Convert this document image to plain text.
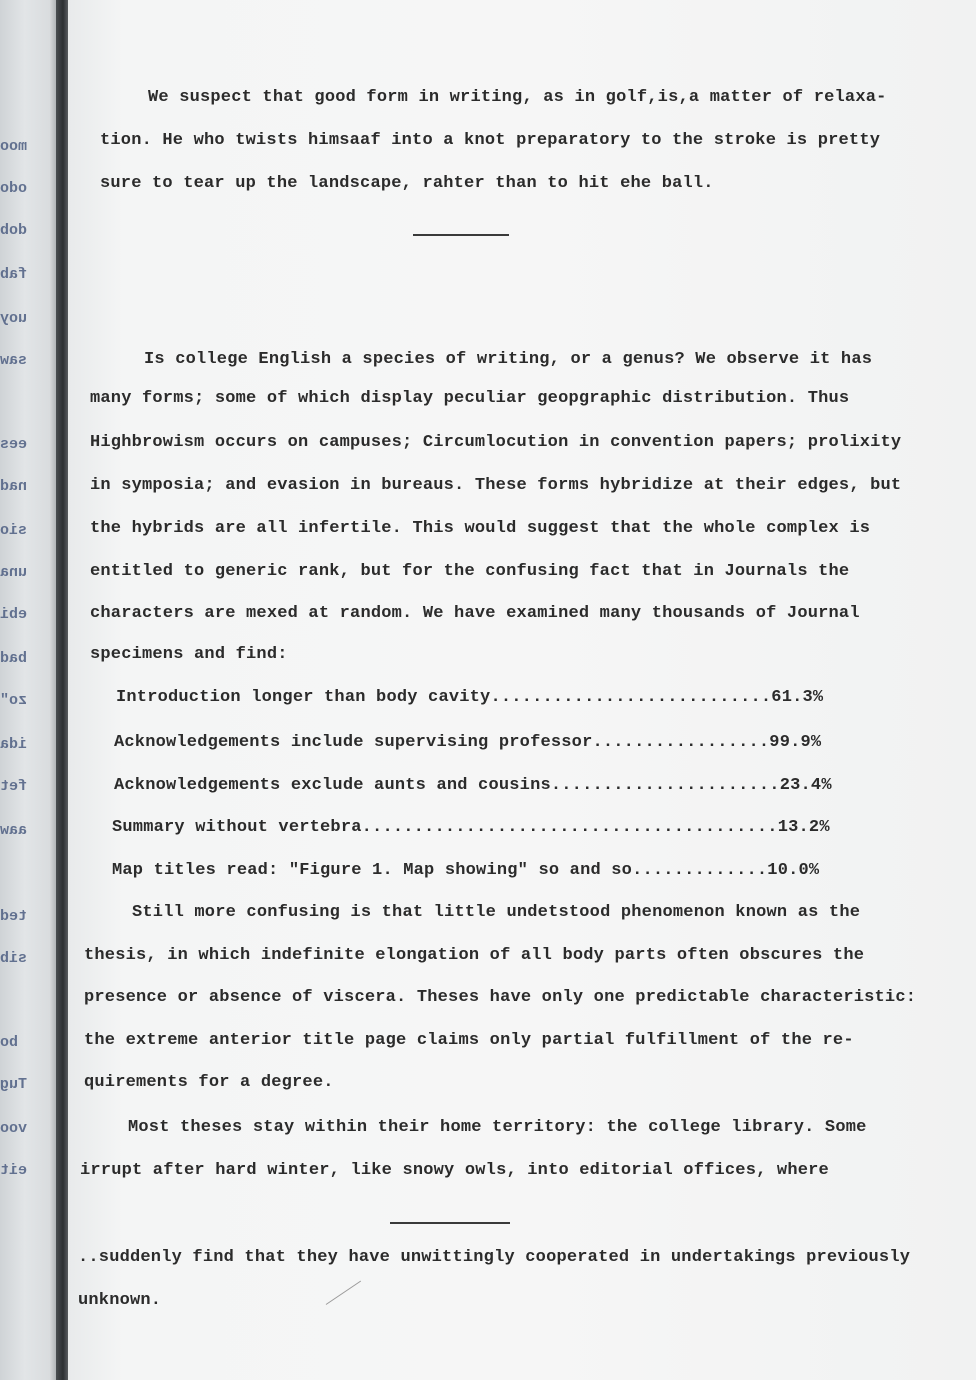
moo
odo
dob
fab
uoy
saw
ees
nad
sio
una
ebi
bad
zo"
ida
fet
aaw
ted
sib
bo
Tug
voo
eit
We suspect that good form in writing, as in golf,is,a matter of relaxa-
tion. He who twists himsaaf into a knot preparatory to the stroke is pretty
sure to tear up the landscape, rahter than to hit ehe ball.
Is college English a species of writing, or a genus? We observe it has
many forms; some of which display peculiar geopgraphic distribution. Thus
Highbrowism occurs on campuses; Circumlocution in convention papers; prolixity
in symposia; and evasion in bureaus. These forms hybridize at their edges, but
the hybrids are all infertile. This would suggest that the whole complex is
entitled to generic rank, but for the confusing fact that in Journals the
characters are mexed at random. We have examined many thousands of Journal
specimens and find:
Introduction longer than body cavity...........................61.3%
Acknowledgements include supervising professor.................99.9%
Acknowledgements exclude aunts and cousins......................23.4%
Summary without vertebra........................................13.2%
Map titles read: "Figure 1. Map showing" so and so.............10.0%
Still more confusing is that little undetstood phenomenon known as the
thesis, in which indefinite elongation of all body parts often obscures the
presence or absence of viscera. Theses have only one predictable characteristic:
the extreme anterior title page claims only partial fulfillment of the re-
quirements for a degree.
Most theses stay within their home territory: the college library. Some
irrupt after hard winter, like snowy owls, into editorial offices, where
..suddenly find that they have unwittingly cooperated in undertakings previously
unknown.
